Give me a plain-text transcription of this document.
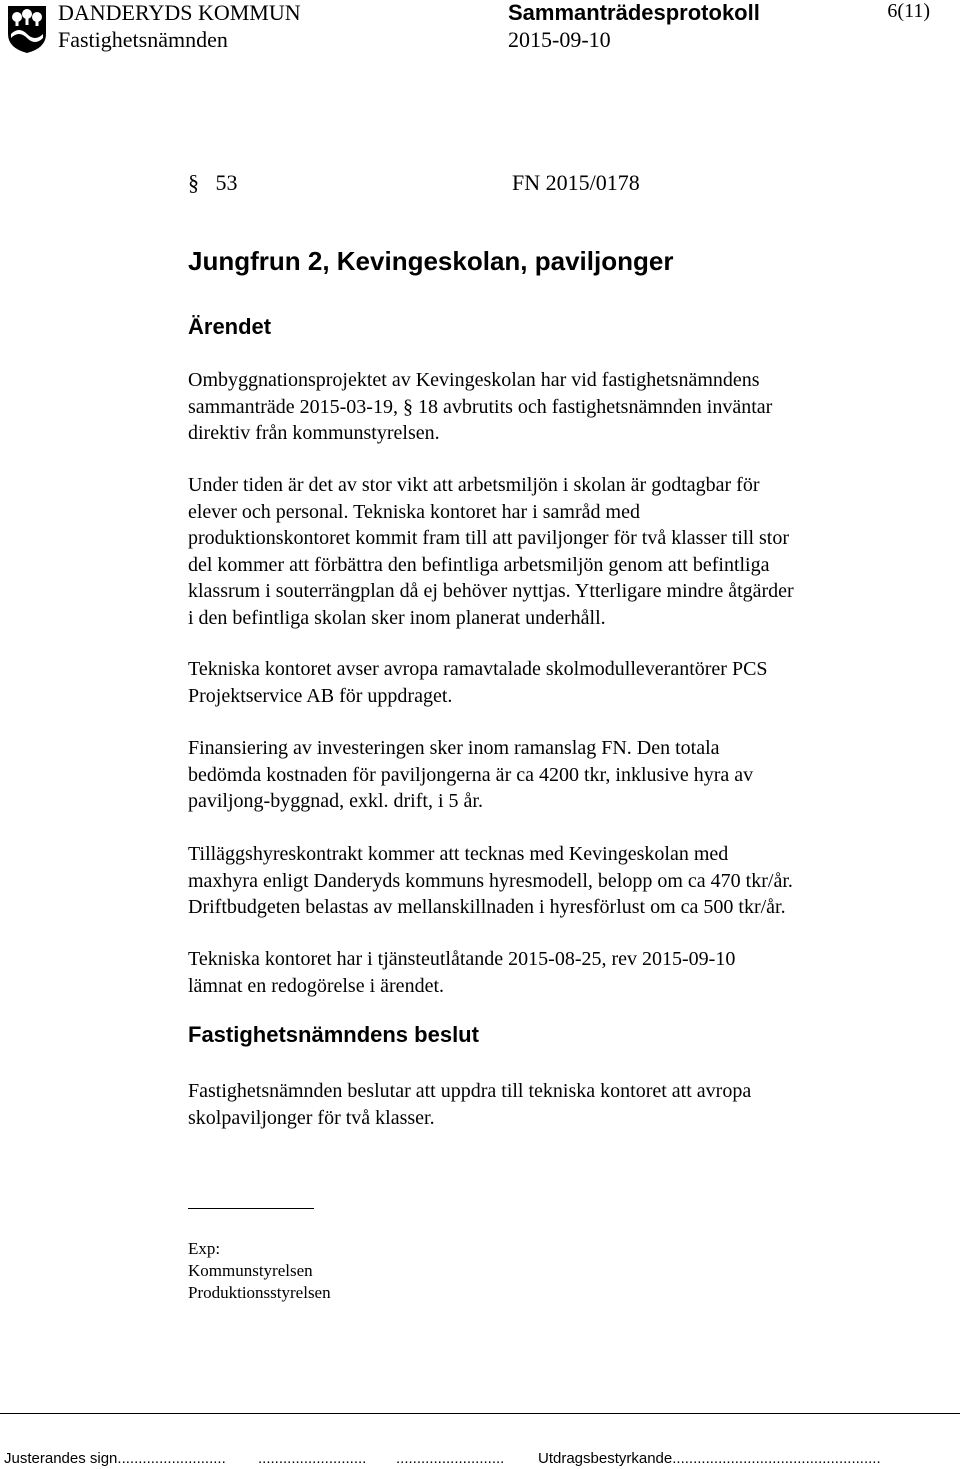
DANDERYDS KOMMUN
Fastighetsnämnden
Sammanträdesprotokoll
2015-09-10
6(11)
§ 53	FN 2015/0178
Jungfrun 2, Kevingeskolan, paviljonger
Ärendet
Ombyggnationsprojektet av Kevingeskolan har vid fastighetsnämndens
sammanträde 2015-03-19, § 18 avbrutits och fastighetsnämnden inväntar
direktiv från kommunstyrelsen.
Under tiden är det av stor vikt att arbetsmiljön i skolan är godtagbar för
elever och personal. Tekniska kontoret har i samråd med
produktionskontoret kommit fram till att paviljonger för två klasser till stor
del kommer att förbättra den befintliga arbetsmiljön genom att befintliga
klassrum i souterrängplan då ej behöver nyttjas. Ytterligare mindre åtgärder
i den befintliga skolan sker inom planerat underhåll.
Tekniska kontoret avser avropa ramavtalade skolmodulleverantörer PCS
Projektservice AB för uppdraget.
Finansiering av investeringen sker inom ramanslag FN. Den totala
bedömda kostnaden för paviljongerna är ca 4200 tkr, inklusive hyra av
paviljong-byggnad, exkl. drift, i 5 år.
Tilläggshyreskontrakt kommer att tecknas med Kevingeskolan med
maxhyra enligt Danderyds kommuns hyresmodell, belopp om ca 470 tkr/år.
Driftbudgeten belastas av mellanskillnaden i hyresförlust om ca 500 tkr/år.
Tekniska kontoret har i tjänsteutlåtande 2015-08-25, rev 2015-09-10
lämnat en redogörelse i ärendet.
Fastighetsnämndens beslut
Fastighetsnämnden beslutar att uppdra till tekniska kontoret att avropa
skolpaviljonger för två klasser.
Exp:
Kommunstyrelsen
Produktionsstyrelsen
Justerandes sign.......................... .......................... .......................... Utdragsbestyrkande..................................................
